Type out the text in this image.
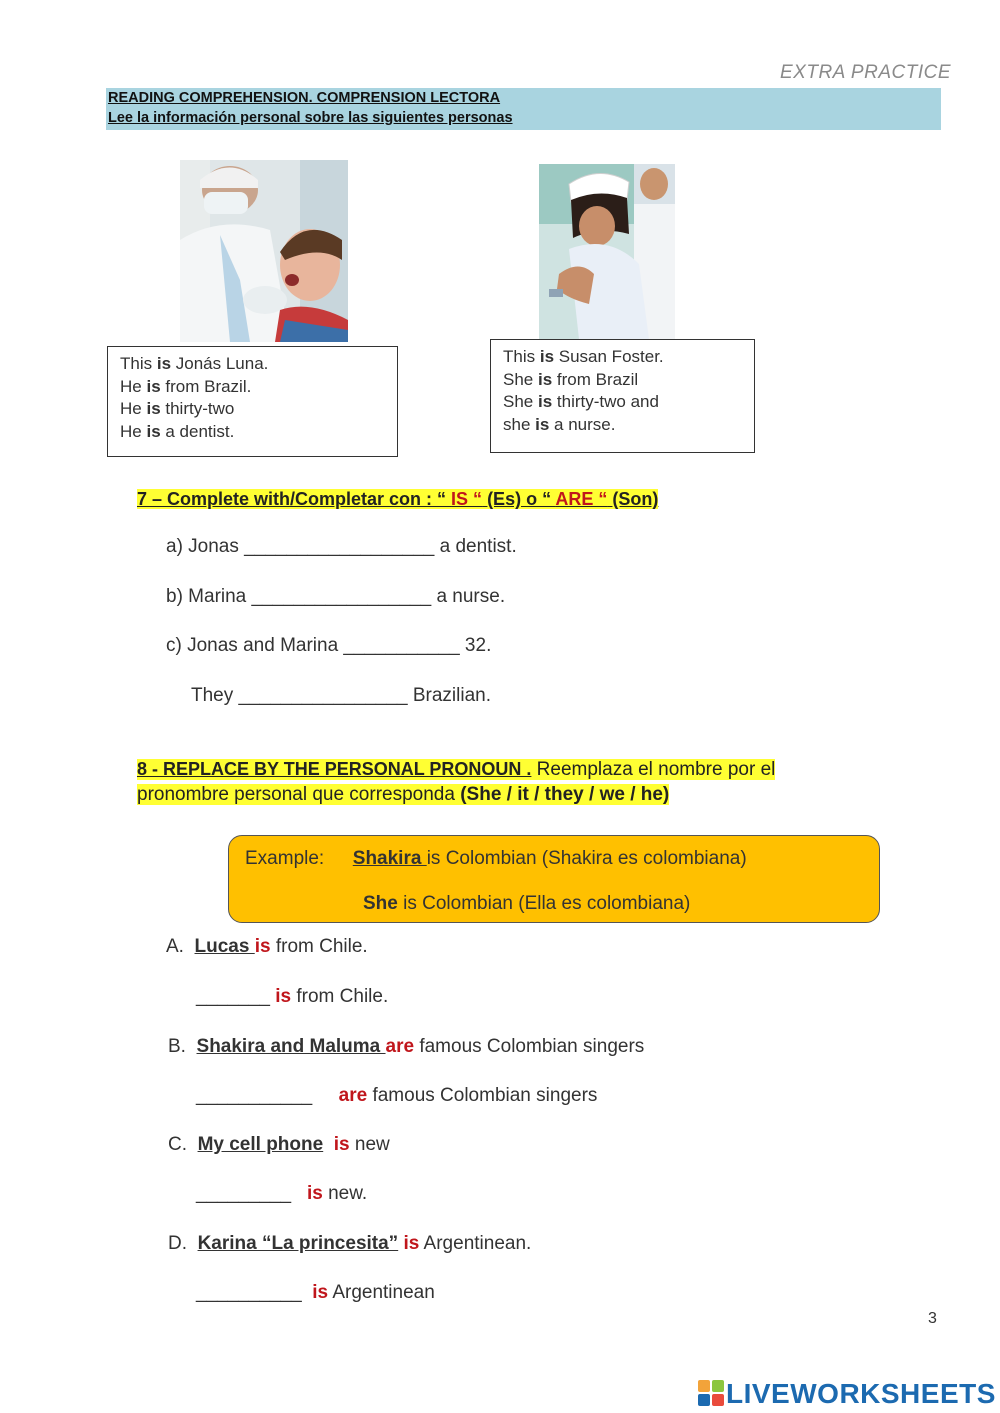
EXTRA PRACTICE
READING COMPREHENSION. COMPRENSION LECTORA
Lee la información personal sobre las siguientes personas
This is Jonás Luna.
He is from Brazil.
He is thirty-two
He is a dentist.
This is Susan Foster.
She is from Brazil
She is thirty-two and
she is a nurse.
7 – Complete with/Completar con : “ IS “ (Es) o “ ARE “ (Son)
a) Jonas __________________ a dentist.
b) Marina _________________ a nurse.
c) Jonas and Marina ___________ 32.
They ________________ Brazilian.
8 - REPLACE BY THE PERSONAL PRONOUN . Reemplaza el nombre por el
pronombre personal que corresponda (She / it / they / we / he)
Example: Shakira is Colombian (Shakira es colombiana)
She is Colombian (Ella es colombiana)
A. Lucas is from Chile.
_______ is from Chile.
B. Shakira and Maluma are famous Colombian singers
___________ are famous Colombian singers
C. My cell phone is new
_________ is new.
D. Karina “La princesita” is Argentinean.
__________ is Argentinean
3
LIVEWORKSHEETS
